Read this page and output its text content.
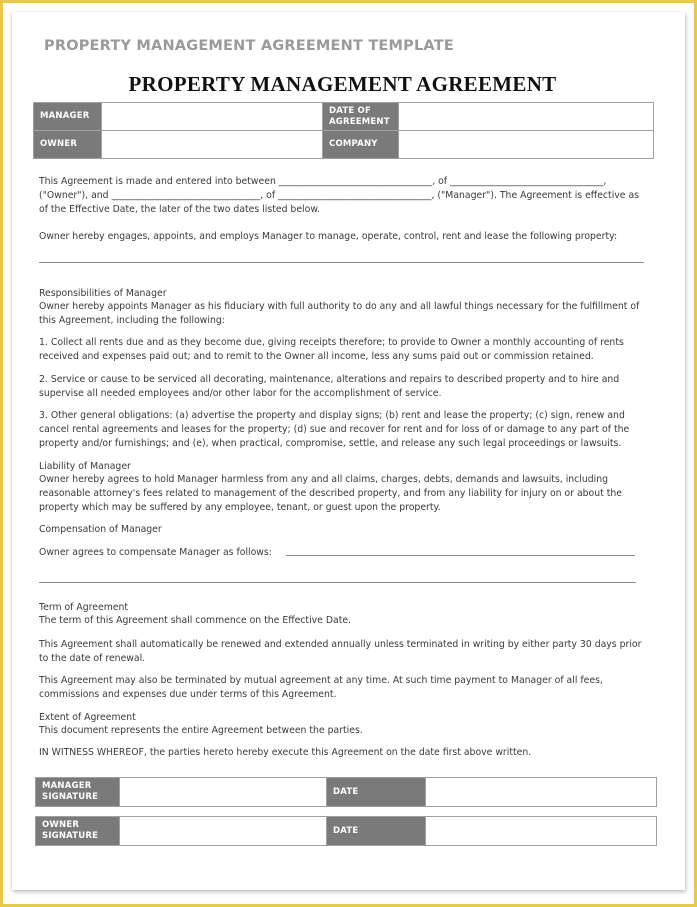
PROPERTY MANAGEMENT AGREEMENT TEMPLATE
PROPERTY MANAGEMENT AGREEMENT
MANAGER		DATE OF AGREEMENT	
OWNER		COMPANY	
This Agreement is made and entered into between _________________________________, of _________________________________, ("Owner"), and ________________________________, of _________________________________, ("Manager"). The Agreement is effective as of the Effective Date, the later of the two dates listed below.
Owner hereby engages, appoints, and employs Manager to manage, operate, control, rent and lease the following property:
Responsibilities of Manager
Owner hereby appoints Manager as his fiduciary with full authority to do any and all lawful things necessary for the fulfillment of this Agreement, including the following:
1. Collect all rents due and as they become due, giving receipts therefore; to provide to Owner a monthly accounting of rents received and expenses paid out; and to remit to the Owner all income, less any sums paid out or commission retained.
2. Service or cause to be serviced all decorating, maintenance, alterations and repairs to described property and to hire and supervise all needed employees and/or other labor for the accomplishment of service.
3. Other general obligations: (a) advertise the property and display signs; (b) rent and lease the property; (c) sign, renew and cancel rental agreements and leases for the property; (d) sue and recover for rent and for loss of or damage to any part of the property and/or furnishings; and (e), when practical, compromise, settle, and release any such legal proceedings or lawsuits.
Liability of Manager
Owner hereby agrees to hold Manager harmless from any and all claims, charges, debts, demands and lawsuits, including reasonable attorney's fees related to management of the described property, and from any liability for injury on or about the property which may be suffered by any employee, tenant, or guest upon the property.
Compensation of Manager
Owner agrees to compensate Manager as follows:
Term of Agreement
The term of this Agreement shall commence on the Effective Date.
This Agreement shall automatically be renewed and extended annually unless terminated in writing by either party 30 days prior to the date of renewal.
This Agreement may also be terminated by mutual agreement at any time. At such time payment to Manager of all fees, commissions and expenses due under terms of this Agreement.
Extent of Agreement
This document represents the entire Agreement between the parties.
IN WITNESS WHEREOF, the parties hereto hereby execute this Agreement on the date first above written.
MANAGER SIGNATURE		DATE	
OWNER SIGNATURE		DATE	
